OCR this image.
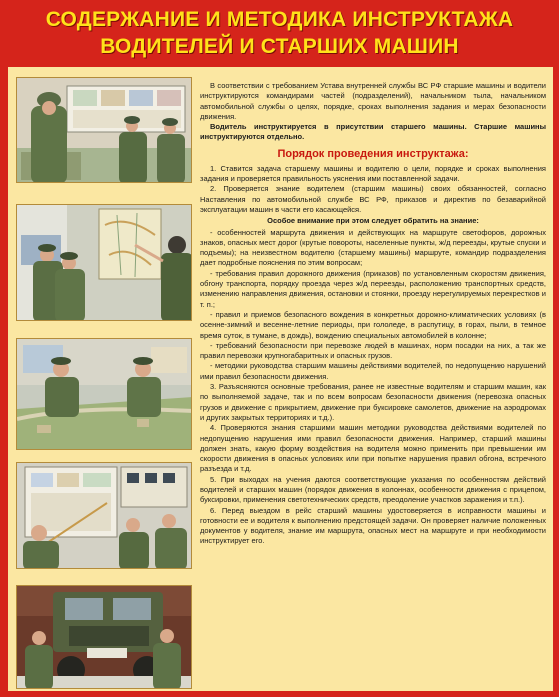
СОДЕРЖАНИЕ И МЕТОДИКА ИНСТРУКТАЖА
ВОДИТЕЛЕЙ И СТАРШИХ МАШИН

В соответствии с требованием Устава внутренней службы ВС РФ старшие машины и водители инструктируются командирами частей (подразделений), начальником тыла, начальником автомобильной службы о целях, порядке, сроках выполнения задания и мерах безопасности движения.

Водитель инструктируется в присутствии старшего машины. Старшие машины инструктируются отдельно.

Порядок проведения инструктажа:

1. Ставится задача старшему машины и водителю о цели, порядке и сроках выполнения задания и проверяется правильность уяснения ими поставленной задачи.

2. Проверяется знание водителем (старшим машины) своих обязанностей, согласно Наставления по автомобильной службе ВС РФ, приказов и директив по безаварийной эксплуатации машин в части его касающейся.

Особое внимание при этом следует обратить на знание:

- особенностей маршрута движения и действующих на маршруте светофоров, дорожных знаков, опасных мест дорог (крутые повороты, населенные пункты, ж/д переезды, крутые спуски и подъемы); на неизвестном водителю (старшему машины) маршруте, командир подразделения дает подробные пояснения по этим вопросам;

- требования правил дорожного движения (приказов) по установленным скоростям движения, обгону транспорта, порядку проезда через ж/д переезды, расположению транспортных средств, изменению направления движения, остановки и стоянки, проезду нерегулируемых перекрестков и т. п.;

- правил и приемов безопасного вождения в конкретных дорожно-климатических условиях (в осенне-зимний и весенне-летние периоды, при гололеде, в распутицу, в горах, пыли, в темное время суток, в тумане, в дождь), вождению специальных автомобилей в колонне;

- требований безопасности при перевозке людей в машинах, норм посадки на них, а так же правил перевозки крупногабаритных и опасных грузов.

- методики руководства старшим машины действиями водителей, по недопущению нарушений ими правил безопасности движения.

3. Разъясняются основные требования, ранее не известные водителям и старшим машин, как по выполняемой задаче, так и по всем вопросам безопасности движения (перевозка опасных грузов и движение с прикрытием, движение при буксировке самолетов, движение на аэродромах и других закрытых территориях и т.д.).

4. Проверяются знания старшими машин методики руководства действиями водителей по недопущению нарушения ими правил безопасности движения. Например, старший машины должен знать, какую форму воздействия на водителя можно применить при превышении им скорости движения в опасных условиях или при попытке нарушения правил обгона, встречного разъезда и т.д.

5. При выходах на учения даются соответствующие указания по особенностям действий водителей и старших машин (порядок движения в колоннах, особенности движения с прицепом, буксировки, применения светотехнических средств, преодоление участков заражения и т.п.).

6. Перед выездом в рейс старший машины удостоверяется в исправности машины и готовности ее и водителя к выполнению предстоящей задачи. Он проверяет наличие положенных документов у водителя, знание им маршрута, опасных мест на маршруте и при необходимости инструктирует его.
